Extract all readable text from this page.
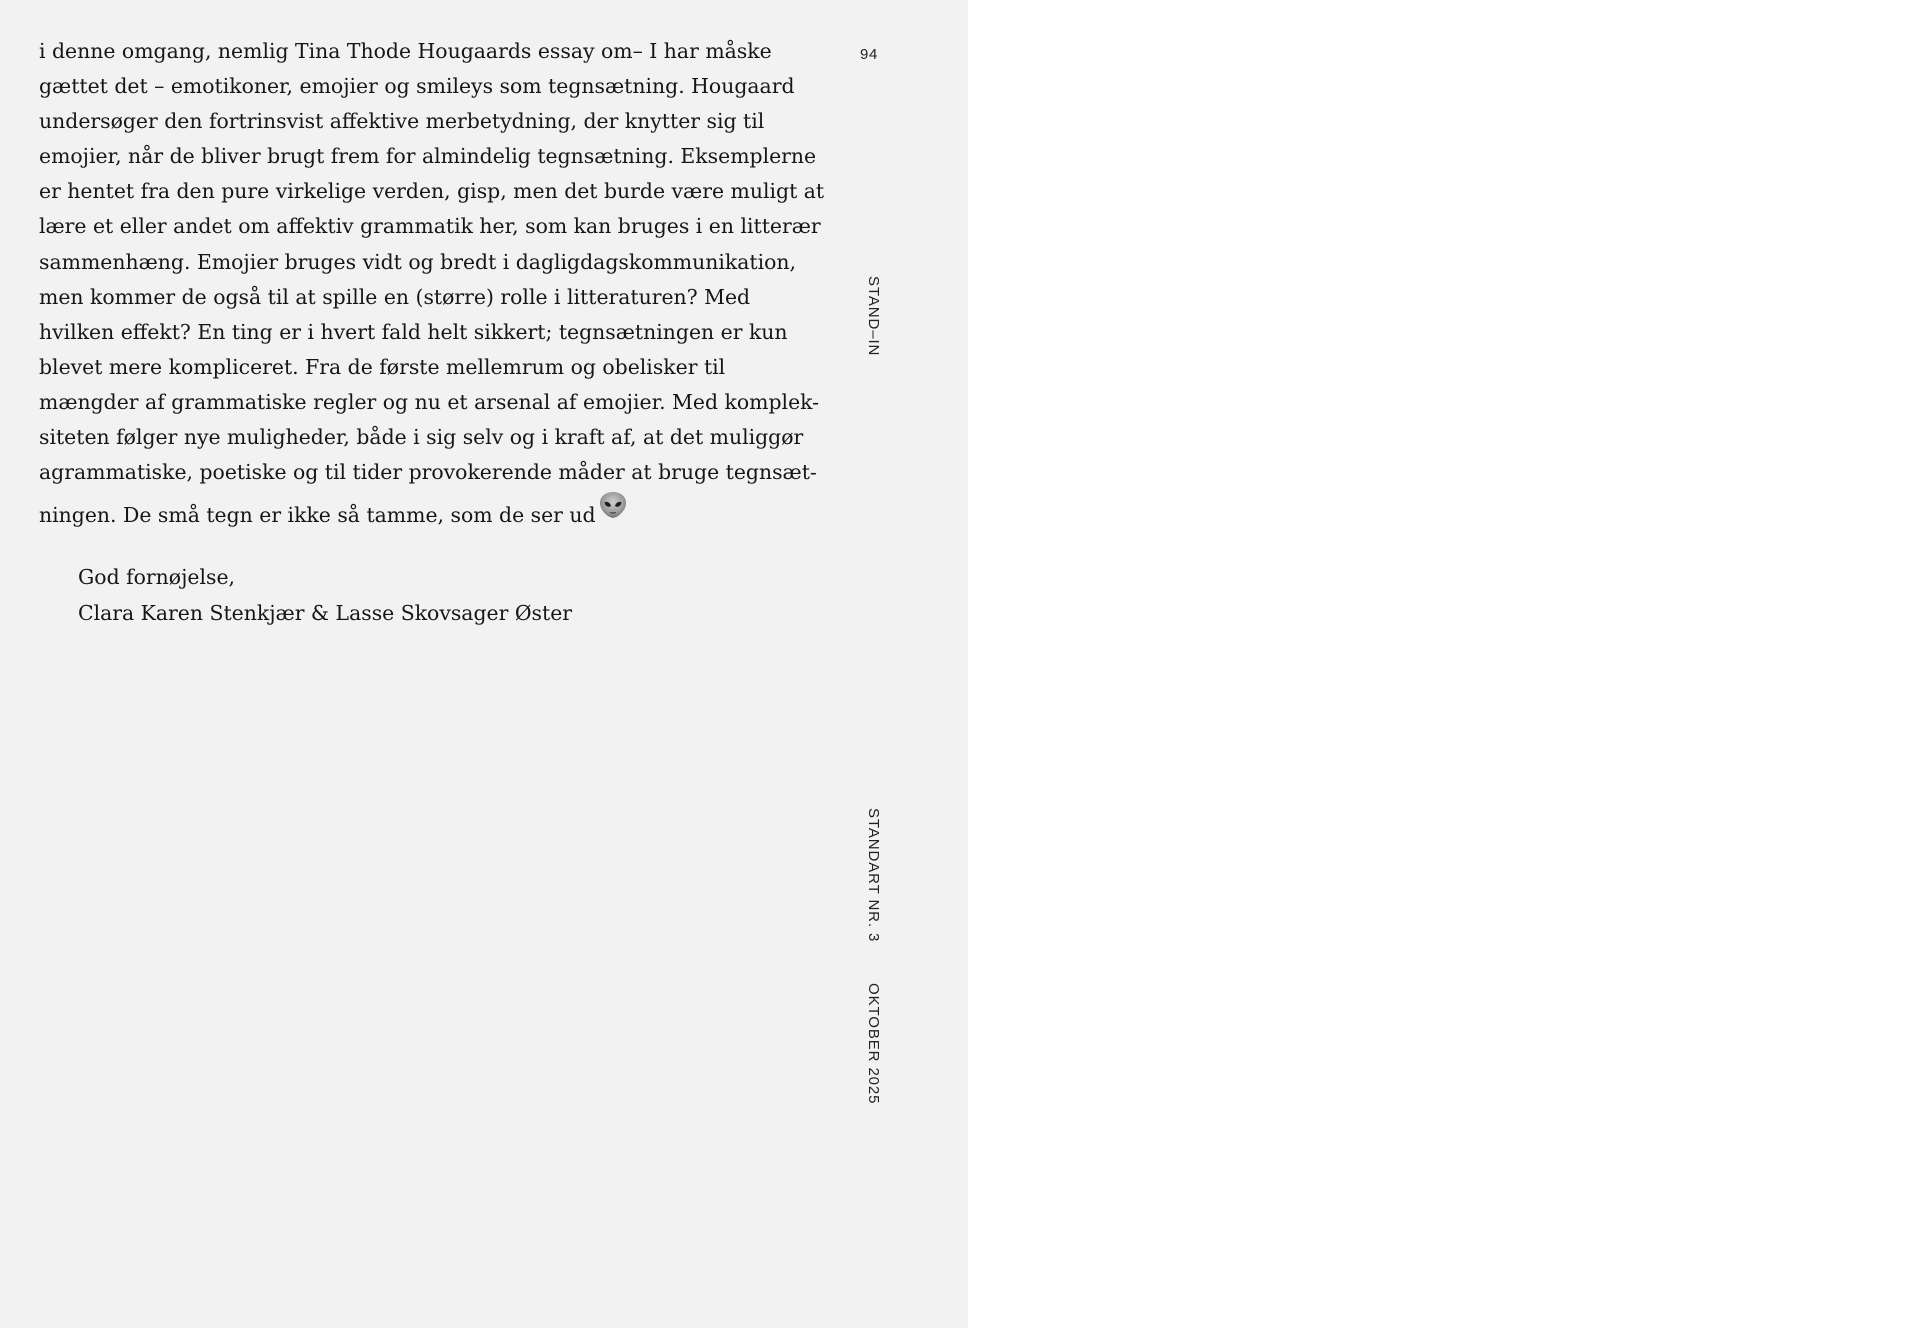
i denne omgang, nemlig Tina Thode Hougaards essay om– I har måske
gættet det – emotikoner, emojier og smileys som tegnsætning. Hougaard
undersøger den fortrinsvist affektive merbetydning, der knytter sig til
emojier, når de bliver brugt frem for almindelig tegnsætning. Eksemplerne
er hentet fra den pure virkelige verden, gisp, men det burde være muligt at
lære et eller andet om affektiv grammatik her, som kan bruges i en litterær
sammenhæng. Emojier bruges vidt og bredt i dagligdagskommunikation,
men kommer de også til at spille en (større) rolle i litteraturen? Med
hvilken effekt? En ting er i hvert fald helt sikkert; tegnsætningen er kun
blevet mere kompliceret. Fra de første mellemrum og obelisker til
mængder af grammatiske regler og nu et arsenal af emojier. Med komplek-
siteten følger nye muligheder, både i sig selv og i kraft af, at det muliggør
agrammatiske, poetiske og til tider provokerende måder at bruge tegnsæt-
ningen. De små tegn er ikke så tamme, som de ser ud
God fornøjelse,
Clara Karen Stenkjær & Lasse Skovsager Øster
94
STAND–IN
STANDART NR. 3
OKTOBER 2025
